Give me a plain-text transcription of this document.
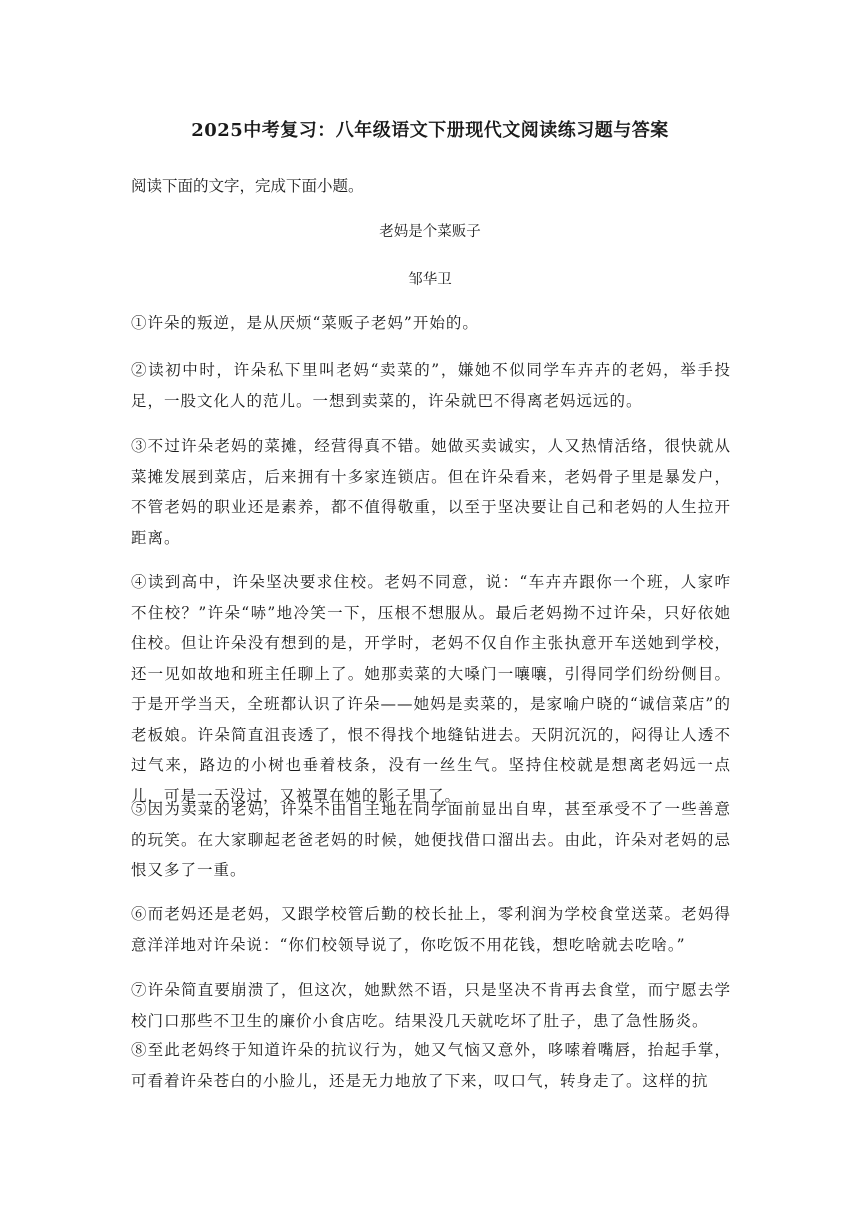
2025中考复习：八年级语文下册现代文阅读练习题与答案

阅读下面的文字，完成下面小题。

老妈是个菜贩子

邹华卫

①许朵的叛逆，是从厌烦“菜贩子老妈”开始的。

②读初中时，许朵私下里叫老妈“卖菜的”，嫌她不似同学车卉卉的老妈，举手投足，一股文化人的范儿。一想到卖菜的，许朵就巴不得离老妈远远的。

③不过许朵老妈的菜摊，经营得真不错。她做买卖诚实，人又热情活络，很快就从菜摊发展到菜店，后来拥有十多家连锁店。但在许朵看来，老妈骨子里是暴发户，不管老妈的职业还是素养，都不值得敬重，以至于坚决要让自己和老妈的人生拉开距离。

④读到高中，许朵坚决要求住校。老妈不同意，说：“车卉卉跟你一个班，人家咋不住校？”许朵“哧”地冷笑一下，压根不想服从。最后老妈拗不过许朵，只好依她住校。但让许朵没有想到的是，开学时，老妈不仅自作主张执意开车送她到学校，还一见如故地和班主任聊上了。她那卖菜的大嗓门一嚷嚷，引得同学们纷纷侧目。于是开学当天，全班都认识了许朵——她妈是卖菜的，是家喻户晓的“诚信菜店”的老板娘。许朵简直沮丧透了，恨不得找个地缝钻进去。天阴沉沉的，闷得让人透不过气来，路边的小树也垂着枝条，没有一丝生气。坚持住校就是想离老妈远一点儿，可是一天没过，又被罩在她的影子里了。

⑤因为卖菜的老妈，许朵不由自主地在同学面前显出自卑，甚至承受不了一些善意的玩笑。在大家聊起老爸老妈的时候，她便找借口溜出去。由此，许朵对老妈的忌恨又多了一重。

⑥而老妈还是老妈，又跟学校管后勤的校长扯上，零利润为学校食堂送菜。老妈得意洋洋地对许朵说：“你们校领导说了，你吃饭不用花钱，想吃啥就去吃啥。”

⑦许朵简直要崩溃了，但这次，她默然不语，只是坚决不肯再去食堂，而宁愿去学校门口那些不卫生的廉价小食店吃。结果没几天就吃坏了肚子，患了急性肠炎。

⑧至此老妈终于知道许朵的抗议行为，她又气恼又意外，哆嗦着嘴唇，抬起手掌，可看着许朵苍白的小脸儿，还是无力地放了下来，叹口气，转身走了。这样的抗
